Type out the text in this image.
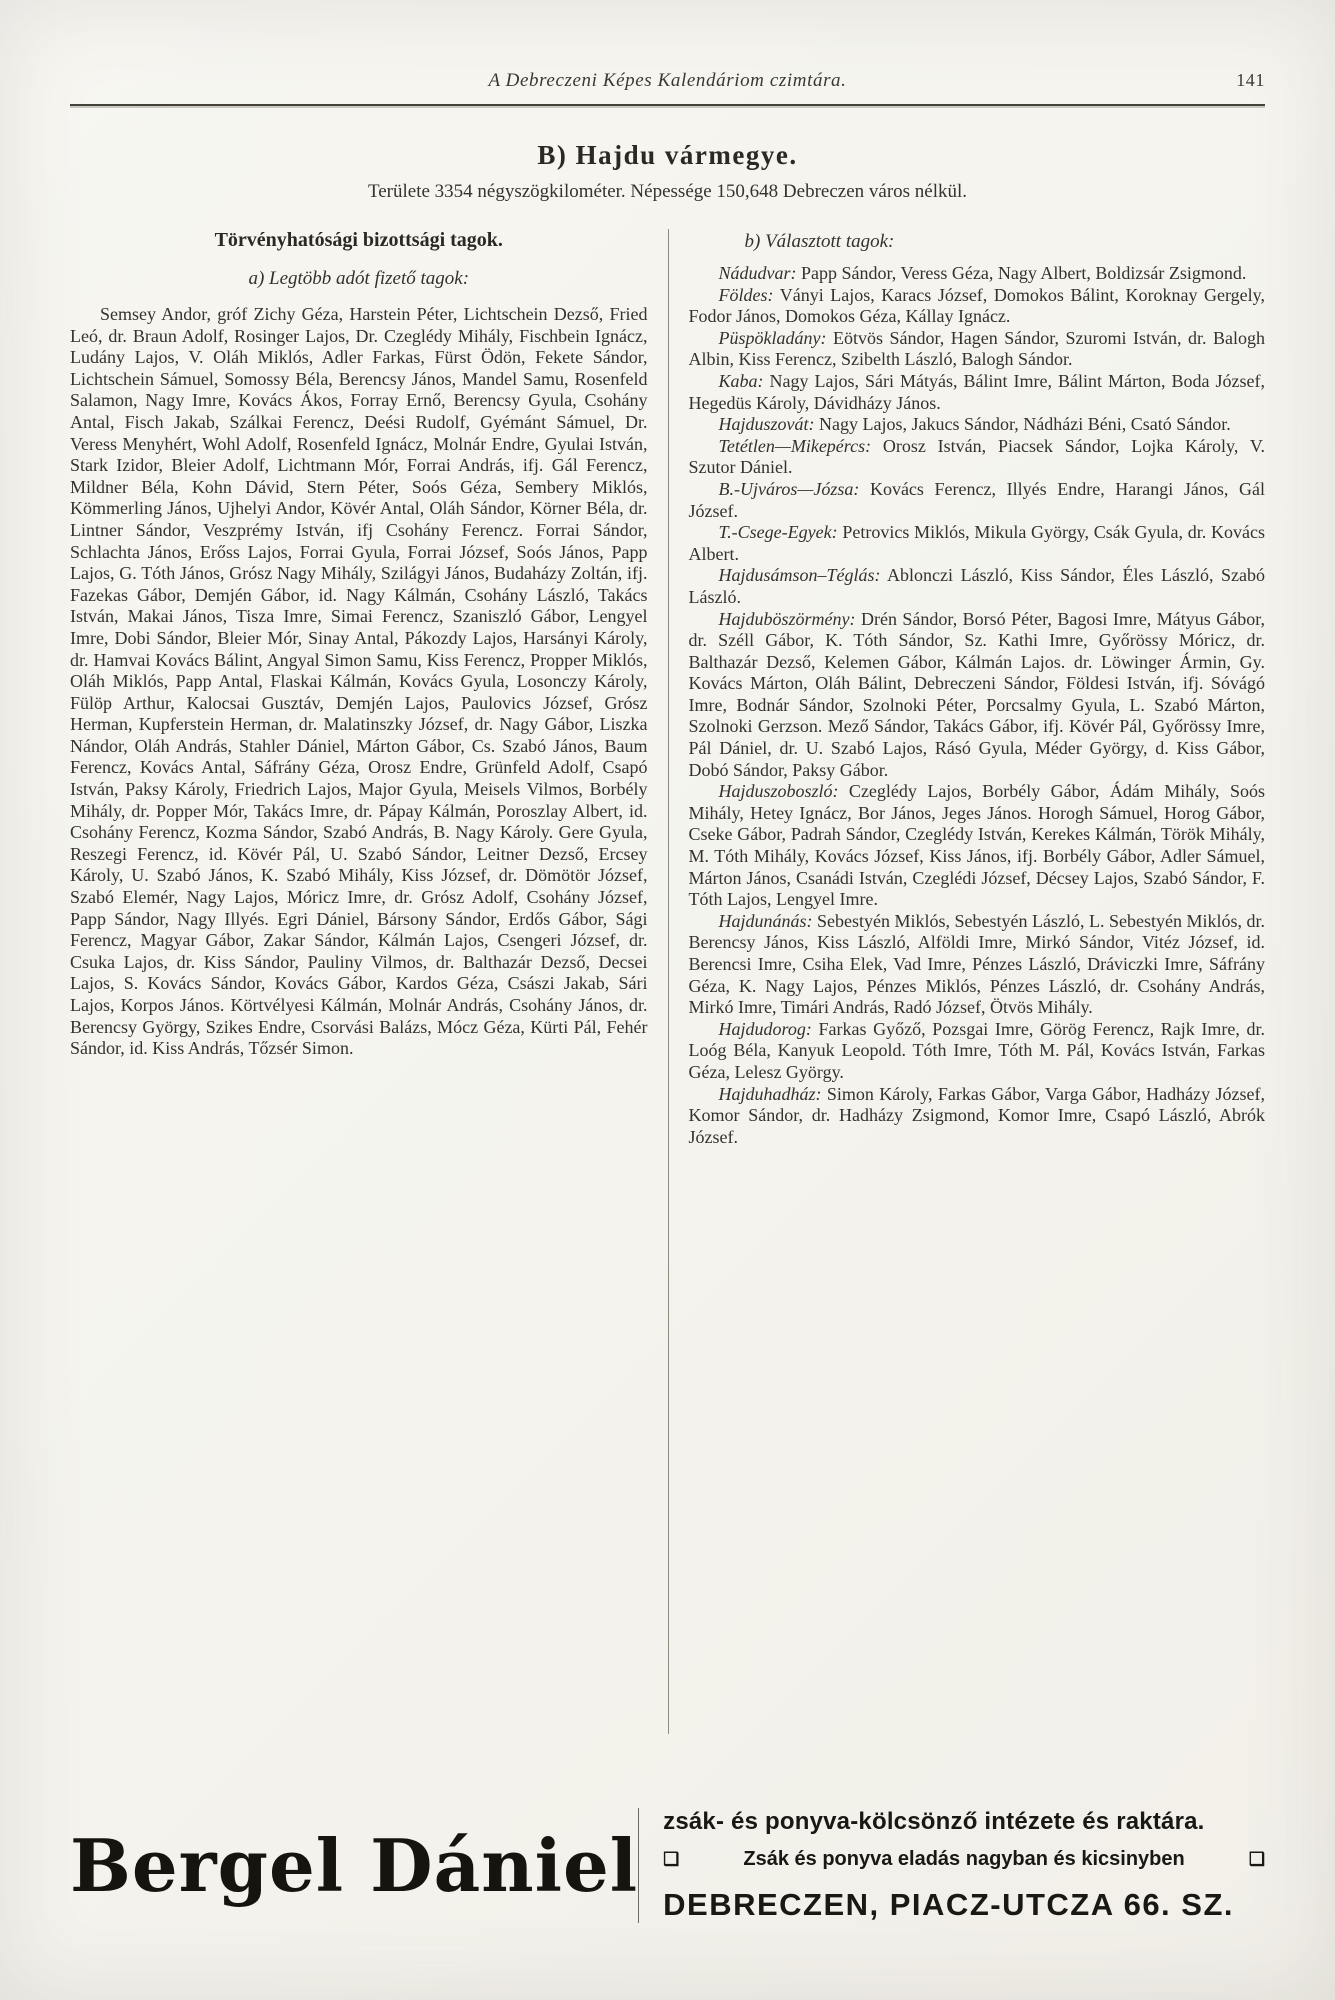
A Debreczeni Képes Kalendáriom czimtára.	141
B) Hajdu vármegye.

Területe 3354 négyszögkilométer. Népessége 150,648 Debreczen város nélkül.

Törvényhatósági bizottsági tagok.
a) Legtöbb adót fizető tagok:

Semsey Andor, gróf Zichy Géza, Harstein Péter, Lichtschein Dezső, Fried Leó, dr. Braun Adolf, Rosinger Lajos, Dr. Czeglédy Mihály, Fischbein Ignácz, Ludány Lajos, V. Oláh Miklós, Adler Farkas, Fürst Ödön, Fekete Sándor, Lichtschein Sámuel, Somossy Béla, Berencsy János, Mandel Samu, Rosenfeld Salamon, Nagy Imre, Kovács Ákos, Forray Ernő, Berencsy Gyula, Csohány Antal, Fisch Jakab, Szálkai Ferencz, Deési Rudolf, Gyémánt Sámuel, Dr. Veress Menyhért, Wohl Adolf, Rosenfeld Ignácz, Molnár Endre, Gyulai István, Stark Izidor, Bleier Adolf, Lichtmann Mór, Forrai András, ifj. Gál Ferencz, Mildner Béla, Kohn Dávid, Stern Péter, Soós Géza, Sembery Miklós, Kömmerling János, Ujhelyi Andor, Kövér Antal, Oláh Sándor, Körner Béla, dr. Lintner Sándor, Veszprémy István, ifj Csohány Ferencz. Forrai Sándor, Schlachta János, Erőss Lajos, Forrai Gyula, Forrai József, Soós János, Papp Lajos, G. Tóth János, Grósz Nagy Mihály, Szilágyi János, Budaházy Zoltán, ifj. Fazekas Gábor, Demjén Gábor, id. Nagy Kálmán, Csohány László, Takács István, Makai János, Tisza Imre, Simai Ferencz, Szaniszló Gábor, Lengyel Imre, Dobi Sándor, Bleier Mór, Sinay Antal, Pákozdy Lajos, Harsányi Károly, dr. Hamvai Kovács Bálint, Angyal Simon Samu, Kiss Ferencz, Propper Miklós, Oláh Miklós, Papp Antal, Flaskai Kálmán, Kovács Gyula, Losonczy Károly, Fülöp Arthur, Kalocsai Gusztáv, Demjén Lajos, Paulovics József, Grósz Herman, Kupferstein Herman, dr. Malatinszky József, dr. Nagy Gábor, Liszka Nándor, Oláh András, Stahler Dániel, Márton Gábor, Cs. Szabó János, Baum Ferencz, Kovács Antal, Sáfrány Géza, Orosz Endre, Grünfeld Adolf, Csapó István, Paksy Károly, Friedrich Lajos, Major Gyula, Meisels Vilmos, Borbély Mihály, dr. Popper Mór, Takács Imre, dr. Pápay Kálmán, Poroszlay Albert, id. Csohány Ferencz, Kozma Sándor, Szabó András, B. Nagy Károly. Gere Gyula, Reszegi Ferencz, id. Kövér Pál, U. Szabó Sándor, Leitner Dezső, Ercsey Károly, U. Szabó János, K. Szabó Mihály, Kiss József, dr. Dömötör József, Szabó Elemér, Nagy Lajos, Móricz Imre, dr. Grósz Adolf, Csohány József, Papp Sándor, Nagy Illyés. Egri Dániel, Bársony Sándor, Erdős Gábor, Sági Ferencz, Magyar Gábor, Zakar Sándor, Kálmán Lajos, Csengeri József, dr. Csuka Lajos, dr. Kiss Sándor, Pauliny Vilmos, dr. Balthazár Dezső, Decsei Lajos, S. Kovács Sándor, Kovács Gábor, Kardos Géza, Császi Jakab, Sári Lajos, Korpos János. Körtvélyesi Kálmán, Molnár András, Csohány János, dr. Berencsy György, Szikes Endre, Csorvási Balázs, Mócz Géza, Kürti Pál, Fehér Sándor, id. Kiss András, Tőzsér Simon.

b) Választott tagok:

Nádudvar: Papp Sándor, Veress Géza, Nagy Albert, Boldizsár Zsigmond.

Földes: Ványi Lajos, Karacs József, Domokos Bálint, Koroknay Gergely, Fodor János, Domokos Géza, Kállay Ignácz.

Püspökladány: Eötvös Sándor, Hagen Sándor, Szuromi István, dr. Balogh Albin, Kiss Ferencz, Szibelth László, Balogh Sándor.

Kaba: Nagy Lajos, Sári Mátyás, Bálint Imre, Bálint Márton, Boda József, Hegedüs Károly, Dávidházy János.

Hajduszovát: Nagy Lajos, Jakucs Sándor, Nádházi Béni, Csató Sándor.

Tetétlen—Mikepércs: Orosz István, Piacsek Sándor, Lojka Károly, V. Szutor Dániel.

B.-Ujváros—Józsa: Kovács Ferencz, Illyés Endre, Harangi János, Gál József.

T.-Csege-Egyek: Petrovics Miklós, Mikula György, Csák Gyula, dr. Kovács Albert.

Hajdusámson–Téglás: Ablonczi László, Kiss Sándor, Éles László, Szabó László.

Hajduböszörmény: Drén Sándor, Borsó Péter, Bagosi Imre, Mátyus Gábor, dr. Széll Gábor, K. Tóth Sándor, Sz. Kathi Imre, Győrössy Móricz, dr. Balthazár Dezső, Kelemen Gábor, Kálmán Lajos. dr. Löwinger Ármin, Gy. Kovács Márton, Oláh Bálint, Debreczeni Sándor, Földesi István, ifj. Sóvágó Imre, Bodnár Sándor, Szolnoki Péter, Porcsalmy Gyula, L. Szabó Márton, Szolnoki Gerzson. Mező Sándor, Takács Gábor, ifj. Kövér Pál, Győrössy Imre, Pál Dániel, dr. U. Szabó Lajos, Rásó Gyula, Méder György, d. Kiss Gábor, Dobó Sándor, Paksy Gábor.

Hajduszoboszló: Czeglédy Lajos, Borbély Gábor, Ádám Mihály, Soós Mihály, Hetey Ignácz, Bor János, Jeges János. Horogh Sámuel, Horog Gábor, Cseke Gábor, Padrah Sándor, Czeglédy István, Kerekes Kálmán, Török Mihály, M. Tóth Mihály, Kovács József, Kiss János, ifj. Borbély Gábor, Adler Sámuel, Márton János, Csanádi István, Czeglédi József, Décsey Lajos, Szabó Sándor, F. Tóth Lajos, Lengyel Imre.

Hajdunánás: Sebestyén Miklós, Sebestyén László, L. Sebestyén Miklós, dr. Berencsy János, Kiss László, Alföldi Imre, Mirkó Sándor, Vitéz József, id. Berencsi Imre, Csiha Elek, Vad Imre, Pénzes László, Dráviczki Imre, Sáfrány Géza, K. Nagy Lajos, Pénzes Miklós, Pénzes László, dr. Csohány András, Mirkó Imre, Timári András, Radó József, Ötvös Mihály.

Hajdudorog: Farkas Győző, Pozsgai Imre, Görög Ferencz, Rajk Imre, dr. Loóg Béla, Kanyuk Leopold. Tóth Imre, Tóth M. Pál, Kovács István, Farkas Géza, Lelesz György.

Hajduhadház: Simon Károly, Farkas Gábor, Varga Gábor, Hadházy József, Komor Sándor, dr. Hadházy Zsigmond, Komor Imre, Csapó László, Abrók József.

Bergel Dániel
zsák- és ponyva-kölcsönző intézete és raktára.
❑	Zsák és ponyva eladás nagyban és kicsinyben	❑
DEBRECZEN, PIACZ-UTCZA 66. SZ.
